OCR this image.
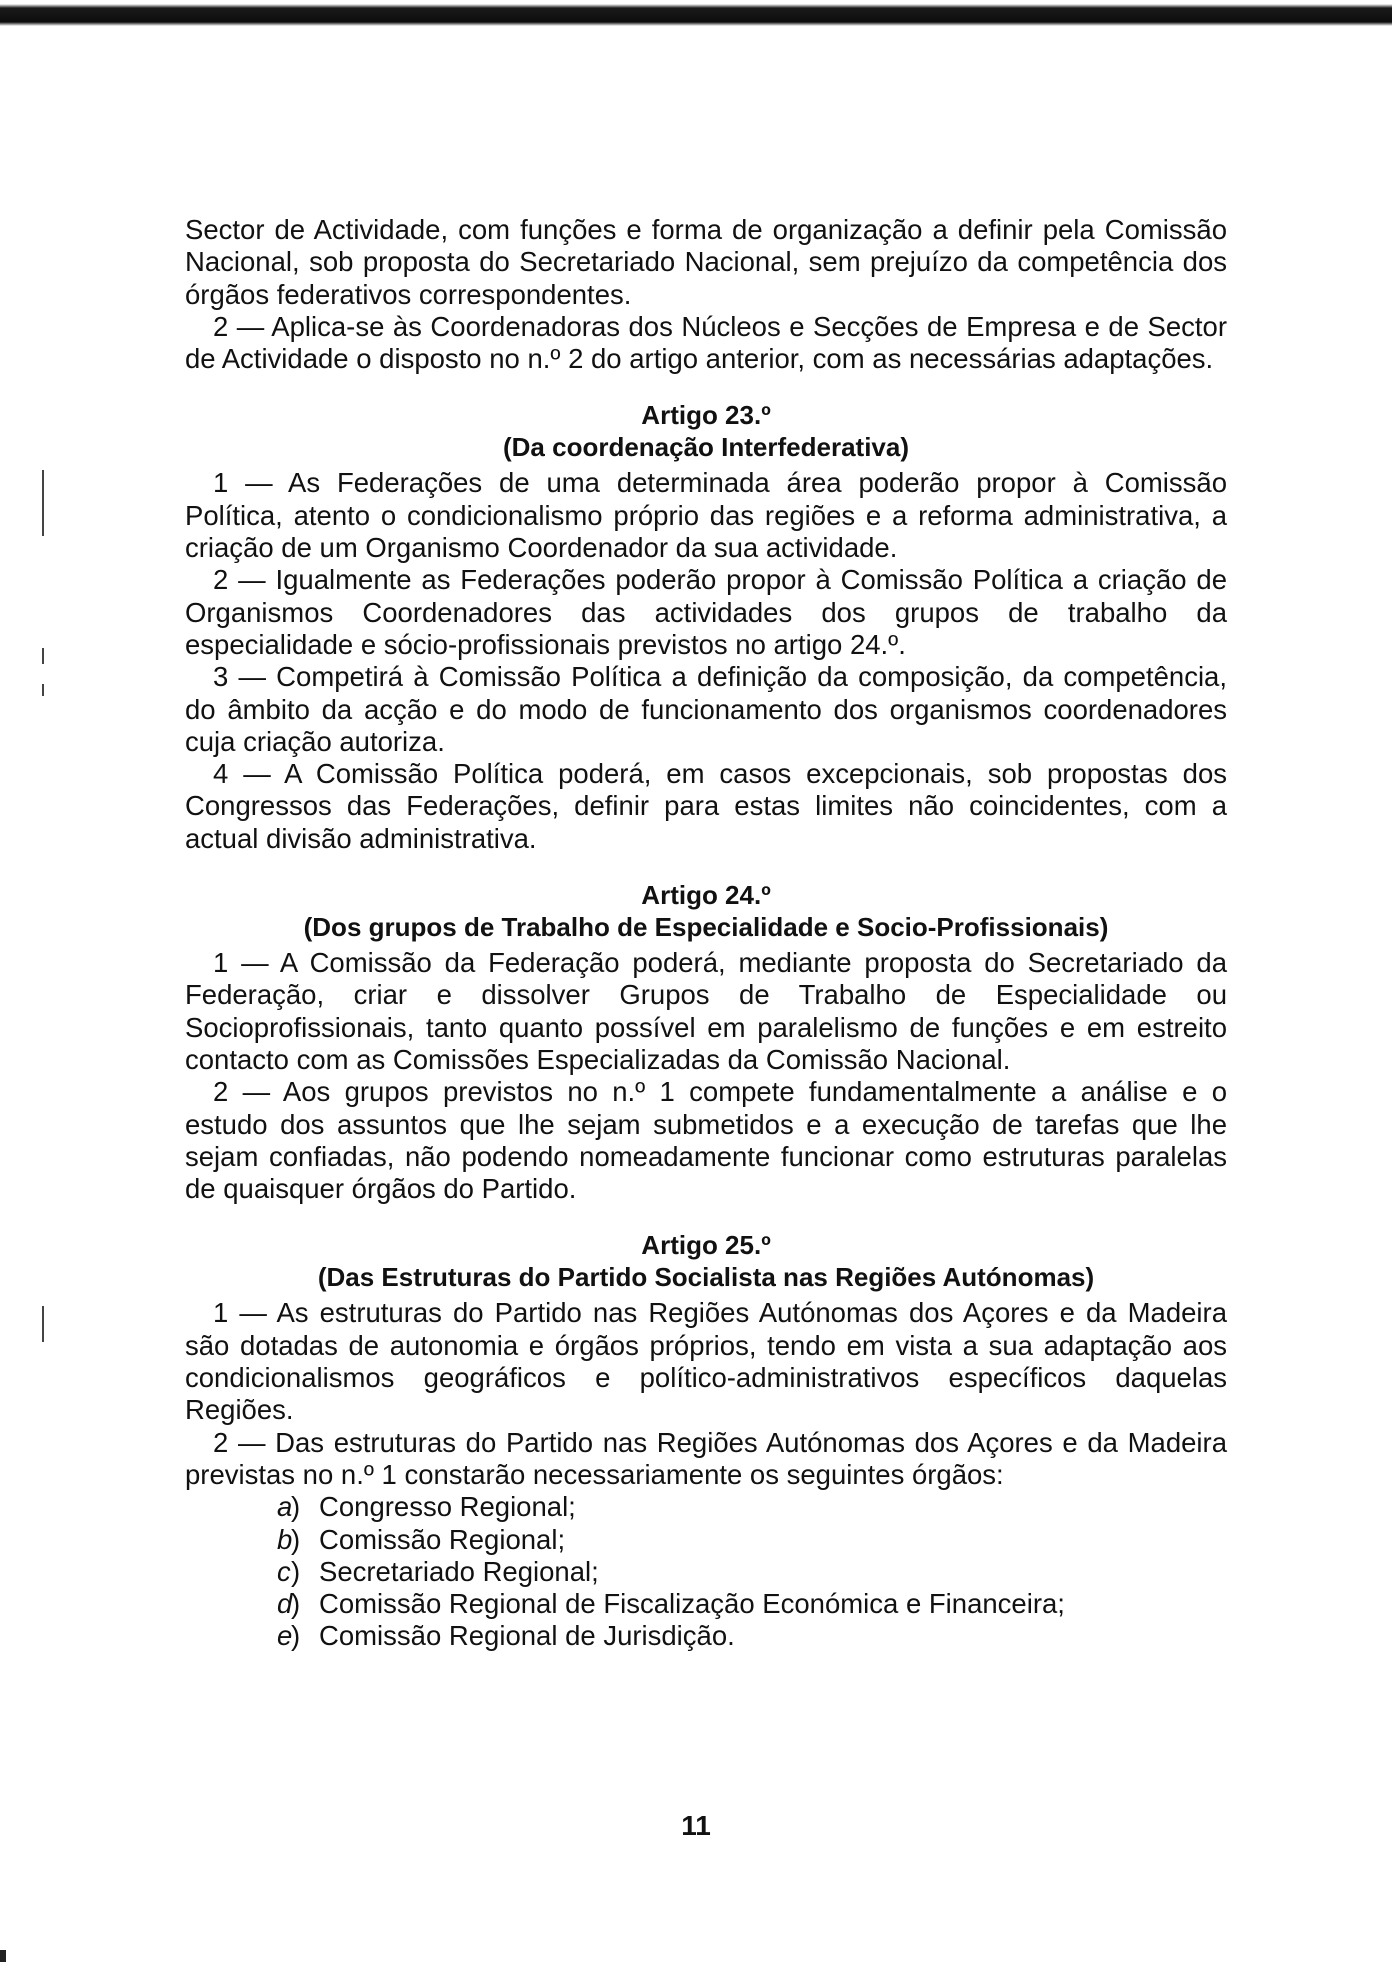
Sector de Actividade, com funções e forma de organização a definir pela Comissão Nacional, sob proposta do Secretariado Nacional, sem prejuízo da competência dos órgãos federativos correspondentes.

2 — Aplica-se às Coordenadoras dos Núcleos e Secções de Empresa e de Sector de Actividade o disposto no n.º 2 do artigo anterior, com as necessárias adaptações.

Artigo 23.º

(Da coordenação Interfederativa)

1 — As Federações de uma determinada área poderão propor à Comissão Política, atento o condicionalismo próprio das regiões e a reforma administrativa, a criação de um Organismo Coordenador da sua actividade.

2 — Igualmente as Federações poderão propor à Comissão Política a criação de Organismos Coordenadores das actividades dos grupos de trabalho da especialidade e sócio-profissionais previstos no artigo 24.º.

3 — Competirá à Comissão Política a definição da composição, da competência, do âmbito da acção e do modo de funcionamento dos organismos coordenadores cuja criação autoriza.

4 — A Comissão Política poderá, em casos excepcionais, sob propostas dos Congressos das Federações, definir para estas limites não coincidentes, com a actual divisão administrativa.

Artigo 24.º

(Dos grupos de Trabalho de Especialidade e Socio-Profissionais)

1 — A Comissão da Federação poderá, mediante proposta do Secretariado da Federação, criar e dissolver Grupos de Trabalho de Especialidade ou Socioprofissionais, tanto quanto possível em paralelismo de funções e em estreito contacto com as Comissões Especializadas da Comissão Nacional.

2 — Aos grupos previstos no n.º 1 compete fundamentalmente a análise e o estudo dos assuntos que lhe sejam submetidos e a execução de tarefas que lhe sejam confiadas, não podendo nomeadamente funcionar como estruturas paralelas de quaisquer órgãos do Partido.

Artigo 25.º

(Das Estruturas do Partido Socialista nas Regiões Autónomas)

1 — As estruturas do Partido nas Regiões Autónomas dos Açores e da Madeira são dotadas de autonomia e órgãos próprios, tendo em vista a sua adaptação aos condicionalismos geográficos e político-administrativos específicos daquelas Regiões.

2 — Das estruturas do Partido nas Regiões Autónomas dos Açores e da Madeira previstas no n.º 1 constarão necessariamente os seguintes órgãos:

a
) Congresso Regional;
b
) Comissão Regional;
c ) Secretariado Regional;
d
) Comissão Regional de Fiscalização Económica e Financeira;
e
) Comissão Regional de Jurisdição.
11
